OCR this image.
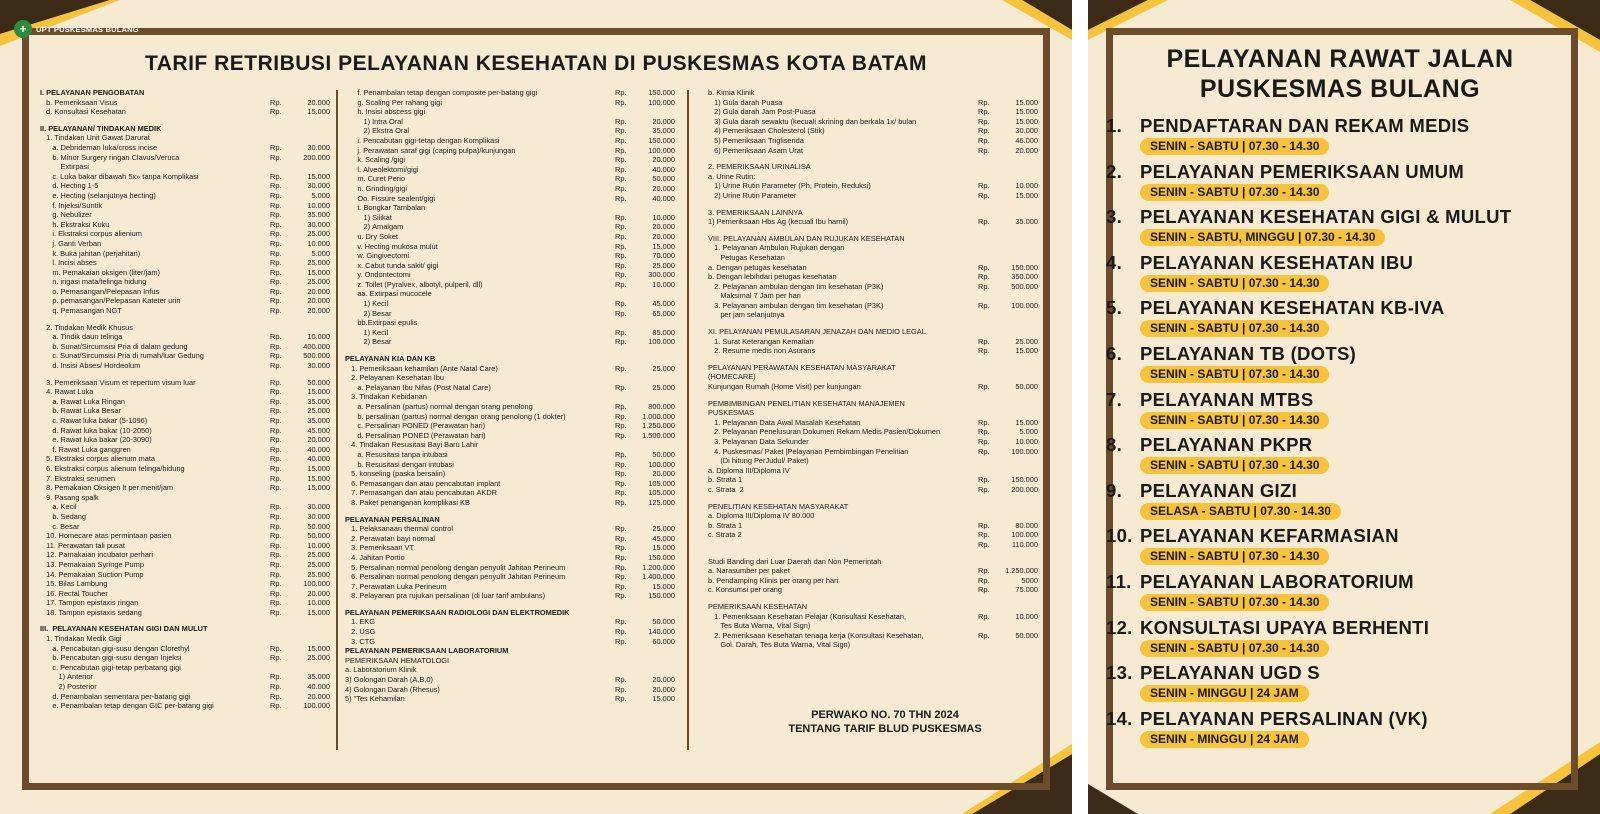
+	UPT PUSKESMAS BULANG
TARIF RETRIBUSI PELAYANAN KESEHATAN DI PUSKESMAS KOTA BATAM
I. PELAYANAN PENGOBATAN
b. Pemeriksaan Visus	Rp.	20.000
d. Konsultasi Kesehatan	Rp.	15.000
II. PELAYANAN/ TINDAKAN MEDIK
1. Tindakan Unit Gawat Darurat
a. Debrideman luka/cross incise	Rp.	30.000
b. Minor Surgery ringan Clavus/Veruca	Rp.	200.000
Extirpasi
c. Luka bakar dibawah 5x» tanpa Komplikasi	Rp.	15.000
d. Hecting 1-5	Rp.	30.000
e. Hecting (selanjutnya hecting)	Rp.	5.000
f. Injeksi/Suntik	Rp.	10.000
g. Nebulizer	Rp.	35.000
h. Ekstraksi Kuku	Rp.	30.000
i. Ekstraksi corpus alienium	Rp.	25.000
j. Ganti Verban	Rp.	10.000
k. Buka jahitan (perjahitan)	Rp.	5.000
l. Incisi abses	Rp.	25.000
m. Pemakaian oksigen (liter/jam)	Rp.	15.000
n. irigasi mata/telinga hidung	Rp.	25.000
o. Pemasangan/Pelepasan Infus	Rp.	20.000
p. pemasangan/Pelepasan Kateter urin	Rp.	20.000
q. Pemasangan NGT	Rp.	20.000
2. Tindakan Medik Khusus
a. Tindik daun telinga	Rp.	10.000
b. Sunat/Sircumsisi Pria di dalam gedung	Rp.	400.000
c. Sunat/Sircumsisi Pria di rumah/luar Gedung	Rp.	500.000
d. Insisi Abses/ Hordeolum	Rp.	30.000
3. Pemeriksaan Visum et repertum visum luar	Rp.	50.000
4. Rawat Luka	Rp.	15.000
a. Rawat Luka Ringan	Rp.	35.000
b. Rawat Luka Besar	Rp.	25.000
c. Rawat luka bakar (5-1096)	Rp.	35.000
d. Rawat luka bakar (10-2050)	Rp.	45.000
e. Rawat luka bakar (20-3090)	Rp.	20.000
f. Rawat Luka ganggren	Rp.	40.000
5. Ekstraksi corpus alienum mata	Rp.	40.000
6. Ekstraksi corpus alienum telinga/hidung	Rp.	15.000
7. Ekstraksi serumen	Rp.	15.000
8. Pemakaian Oksigen lt per menit/jam	Rp.	15.000
9. Pasang spalk
a. Kecil	Rp.	30.000
b. Sedang	Rp.	30.000
c. Besar	Rp.	50.000
10. Homecare atas permintaan pasien	Rp.	50.000
11. Perawatan tali pusat	Rp.	10.000
12. Pamakaian incubator perhari	Rp.	25.000
13. Pemakaian Syringe Pump	Rp.	25.000
14. Pemakaian Suction Pump	Rp.	25.000
15. Bilas Lambung	Rp.	100.000
16. Rectal Toucher	Rp.	20.000
17. Tampon epistaxis ringan	Rp.	10.000
18. Tampon epistaxis sedang	Rp.	15.000
III.  PELAYANAN KESEHATAN GIGI DAN MULUT
1. Tindakan Medik Gigi
a. Pencabutan gigi-susu dengan Clorethyl	Rp.	15.000
b. Pencabutan gigi-susu dengan Injeksi	Rp.	25.000
c. Pencabutan gigi-tetap perbatang gigi
1) Anterior	Rp.	35.000
2) Posterior	Rp.	40.000
d. Penambalan sementara per-batang gigi	Rp.	20.000
e. Penambalan tetap dengan GIC per-batang gigi	Rp.	100.000
f. Penambalan tetap dengan composite per-batang gigi	Rp.	150.000
g. Scaling Per rahang gigi	Rp.	100.000
h. Insisi abscess gigi
1) Intra Oral	Rp.	20.000
2) Ekstra Oral	Rp.	35.000
i. Pencabutan gigi-tetap dengan Komplikasi	Rp.	150.000
j. Perawatan saraf gigi (caping pulpa)/kunjungan	Rp.	100.000
k. Scaling /gigi	Rp.	20.000
l. Alveolektomi/gigi	Rp.	40.000
m. Curet Perio	Rp.	50.000
n. Grinding/gigi	Rp.	20.000
Oo. Fissure sealent/gigi	Rp.	40.000
t. Bongkar Tambalan
1) Silikat	Rp.	10.000
2) Amalgam	Rp.	20.000
u. Dry Soket	Rp.	20.000
v. Hecting mukosa mulut	Rp.	15.000
w. Gingivectomi	Rp.	70.000
x. Cabut tunda sakit/ gigi	Rp.	25.000
y. Ondontectomi	Rp.	300.000
z. Toilet (Pyralvex, albotyl, pulperil, dll)	Rp.	10.000
aa. Extirpasi mucocele
1) Kecil	Rp.	45.000
2) Besar	Rp.	65.000
bb.Extirpasi epulis
1) Kecil	Rp.	85.000
2) Besar	Rp.	100.000
PELAYANAN KIA DAN KB
1. Pemeriksaan kehamilan (Ante Natal Care)	Rp.	25.000
2. Pelayanan Kesehatan Ibu
a. Pelayanan Ibu Nifas (Post Natal Care)	Rp.	25.000
3. Tindakan Kebidanan
a. Persalinan (partus) normal dengan orang penolong	Rp.	800.000
b. persalinan (partus) normal dengan orang penolong (1 dokter)	Rp.	1.000.000
c. Persalinan PONED (Perawatan hari)	Rp.	1.250.000
d. Persalinan PONED (Perawatan hari)	Rp.	1.500.000
4. Tindakan Resusitasi Bayi Baru Lahir
a. Resusitasi tanpa intubasi	Rp.	50.000
b. Resusitasi dengan intubasi	Rp.	100.000
5. konseling (paska bersalin)	Rp.	20.000
6. Pemasangan dan atau pencabutan implant	Rp.	105.000
7. Pemasangan dan atau pencabutan AKDR	Rp.	105.000
8. Paket penanganan komplikasi KB	Rp.	125.000
PELAYANAN PERSALINAN
1. Pelaksanaan thermal control	Rp.	25.000
2. Perawatan bayi normal	Rp.	45.000
3. Pemeriksaan VT	Rp.	15.000
4. Jahitan Portio	Rp.	150.000
5. Persalinan normal penolong dengan penyulit Jahitan Perineum	Rp.	1.200.000
6. Persalinan normal penolong dengan penyulit Jahitan Perineum	Rp.	1.400.000
7. Perawatan Luka Perineum	Rp.	15.000
8. Pelayanan pra rujukan persalinan (di luar tarif ambulans)	Rp.	150.000
PELAYANAN PEMERIKSAAN RADIOLOGI DAN ELEKTROMEDIK
1. EKG	Rp.	50.000
2. USG	Rp.	140.000
3. CTG	Rp.	60.000
PELAYANAN PEMERIKSAAN LABORATORIUM
PEMERIKSAAN HEMATOLOGI
a. Laboratorium Klinik
3) Golongan Darah (A,B,0)	Rp.	20.000
4) Golongan Darah (Rhesus)	Rp.	20.000
5) "Tes Kehamilan	Rp.	15.000
b. Kimia Klinik
1) Gula darah Puasa	Rp.	15.000
2) Gula darah Jam Post-Puasa	Rp.	15.000
3) Gula darah sewaktu (kecuali skrining dan berkala 1x/ bulan	Rp.	15.000
4) Pemeriksaan Cholesterol (Stik)	Rp.	30.000
5) Pemeriksaan Trigliserida	Rp.	46.000
6) Pemeriksaan Asam Urat	Rp.	20.000
2. PEMERIKSAAN URINALISA
a. Urine Rutin:
1) Urine Rutin Parameter (Ph, Protein, Reduksi)	Rp.	10.000
2) Urine Rutin Parameter	Rp.	15.000
3. PEMERIKSAAN LAINNYA
1) Pemeriksaan Hbs Ag (kecuali Ibu hamil)	Rp.	35.000
VIII. PELAYANAN AMBULAN DAN RUJUKAN KESEHATAN
1. Pelayanan Ambulan Rujukan dengan
Petugas Kesehatan
a. Dengan petugas kesehatan	Rp.	150.000
b. Dengan lebihdari petugas kesehatan	Rp.	350.000
2. Pelayanan ambulan dengan tim kesehatan (P3K)	Rp.	500.000
Maksimal 7 Jam per hari
3. Pelayanan ambulan dengan tim kesehatan (P3K)	Rp.	100.000
per jam selanjutnya
XI. PELAYANAN PEMULASARAN JENAZAH DAN MEDIO LEGAL
1. Surat Keterangan Kematian	Rp.	25.000
2. Resume medis non Asurans	Rp.	15.000
PELAYANAN PERAWATAN KESEHATAN MASYARAKAT
(HOMECARE)
Kunjungan Rumah (Home Visit) per kunjungan	Rp.	50.000
PEMBIMBINGAN PENELITIAN KESEHATAN MANAJEMEN
PUSKESMAS
1. Pelayanan Data Awal Masalah Kesehatan	Rp.	15.000
2. Pelayanan Penelusuran Dokumen Rekam Medis Pasien/Dokumen	Rp.	5.000
3. Pelayanan Data Sekunder	Rp.	10.000
4. Puskesmas/ Paket |Pelayanan Pembimbingan Penelitian	Rp.	100.000
(Di hitung PerJudul/ Paket)
a. Diploma III/Diploma IV
b. Strata 1	Rp.	150.000
c. Strata  2	Rp.	200.000
PENELITIAN KESEHATAN MASYARAKAT
a. Diploma III/Diploma IV 80.000
b. Strata 1	Rp.	80.000
c. Strata 2	Rp.	100.000
Rp.	110.000
Studi Banding dari Luar Daerah dan Non Pemerintah
a. Narasumber per paket	Rp.	1.250.000
b. Pendamping Klinis per orang per hari	Rp.	5000
c. Konsumsi per orang	Rp.	75.000
PEMERIKSAAN KESEHATAN
1. Pemeriksaan Kesehatan Pelajar (Konsultasi Kesehatan,	Rp.	10.000
Tes Buta Warna, Vital Sign)
2. Pemeriksaan Kesehatan tenaga kerja (Konsultasi Kesehatan,	Rp.	50.000
Gol. Darah, Tes Buta Warna, Vital Sign)
PERWAKO NO. 70 THN 2024
TENTANG TARIF BLUD PUSKESMAS
PELAYANAN RAWAT JALAN
PUSKESMAS BULANG
1. PENDAFTARAN DAN REKAM MEDIS
SENIN - SABTU | 07.30 - 14.30
2. PELAYANAN PEMERIKSAAN UMUM
SENIN - SABTU | 07.30 - 14.30
3. PELAYANAN KESEHATAN GIGI & MULUT
SENIN - SABTU, MINGGU | 07.30 - 14.30
4. PELAYANAN KESEHATAN IBU
SENIN - SABTU | 07.30 - 14.30
5. PELAYANAN KESEHATAN KB-IVA
SENIN - SABTU | 07.30 - 14.30
6. PELAYANAN TB (DOTS)
SENIN - SABTU | 07.30 - 14.30
7. PELAYANAN MTBS
SENIN - SABTU | 07.30 - 14.30
8. PELAYANAN PKPR
SENIN - SABTU | 07.30 - 14.30
9. PELAYANAN GIZI
SELASA - SABTU | 07.30 - 14.30
10. PELAYANAN KEFARMASIAN
SENIN - SABTU | 07.30 - 14.30
11. PELAYANAN LABORATORIUM
SENIN - SABTU | 07.30 - 14.30
12. KONSULTASI UPAYA BERHENTI
SENIN - SABTU | 07.30 - 14.30
13. PELAYANAN UGD S
SENIN - MINGGU | 24 JAM
14. PELAYANAN PERSALINAN (VK)
SENIN - MINGGU | 24 JAM
